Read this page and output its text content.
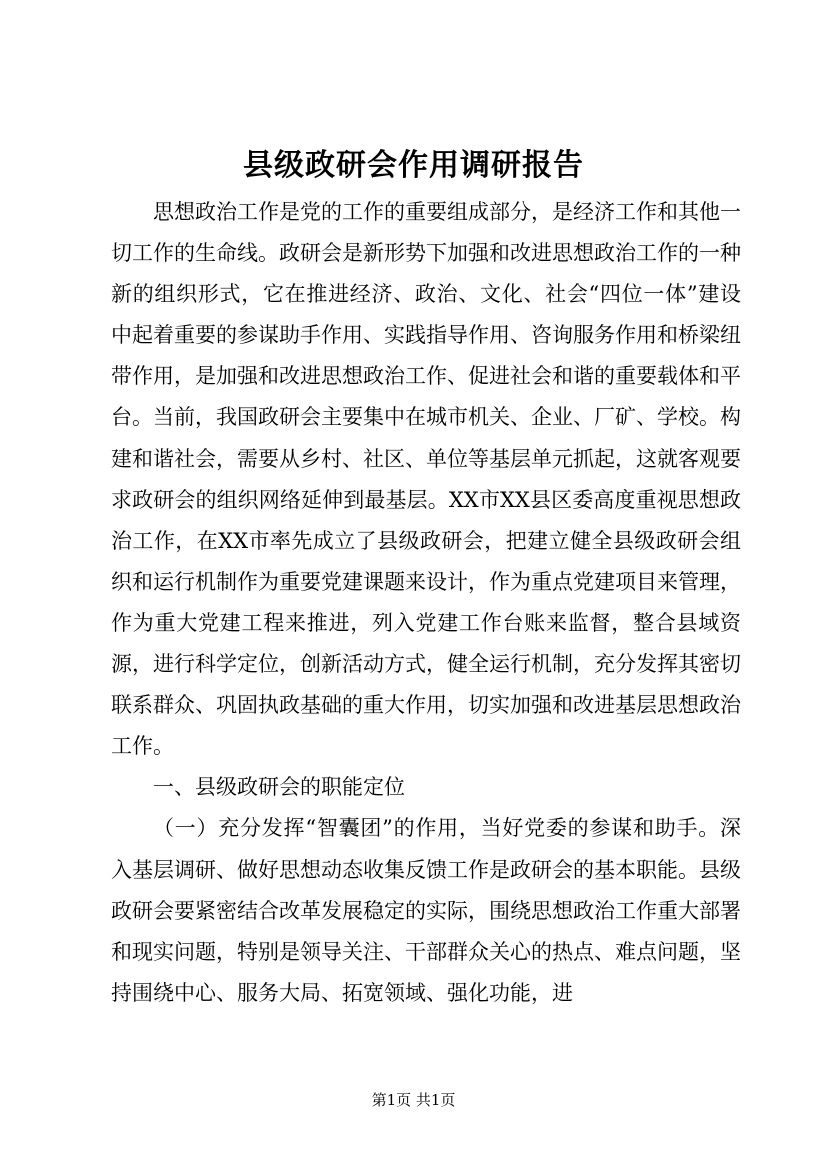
县级政研会作用调研报告

思想政治工作是党的工作的重要组成部分，是经济工作和其他一切工作的生命线。政研会是新形势下加强和改进思想政治工作的一种新的组织形式，它在推进经济、政治、文化、社会“四位一体”建设中起着重要的参谋助手作用、实践指导作用、咨询服务作用和桥梁纽带作用，是加强和改进思想政治工作、促进社会和谐的重要载体和平台。当前，我国政研会主要集中在城市机关、企业、厂矿、学校。构建和谐社会，需要从乡村、社区、单位等基层单元抓起，这就客观要求政研会的组织网络延伸到最基层。XX市XX县区委高度重视思想政治工作，在XX市率先成立了县级政研会，把建立健全县级政研会组织和运行机制作为重要党建课题来设计，作为重点党建项目来管理，作为重大党建工程来推进，列入党建工作台账来监督，整合县域资源，进行科学定位，创新活动方式，健全运行机制，充分发挥其密切联系群众、巩固执政基础的重大作用，切实加强和改进基层思想政治工作。

一、县级政研会的职能定位

（一）充分发挥“智囊团”的作用，当好党委的参谋和助手。深入基层调研、做好思想动态收集反馈工作是政研会的基本职能。县级政研会要紧密结合改革发展稳定的实际，围绕思想政治工作重大部署和现实问题，特别是领导关注、干部群众关心的热点、难点问题，坚持围绕中心、服务大局、拓宽领域、强化功能，进

第1页 共1页
